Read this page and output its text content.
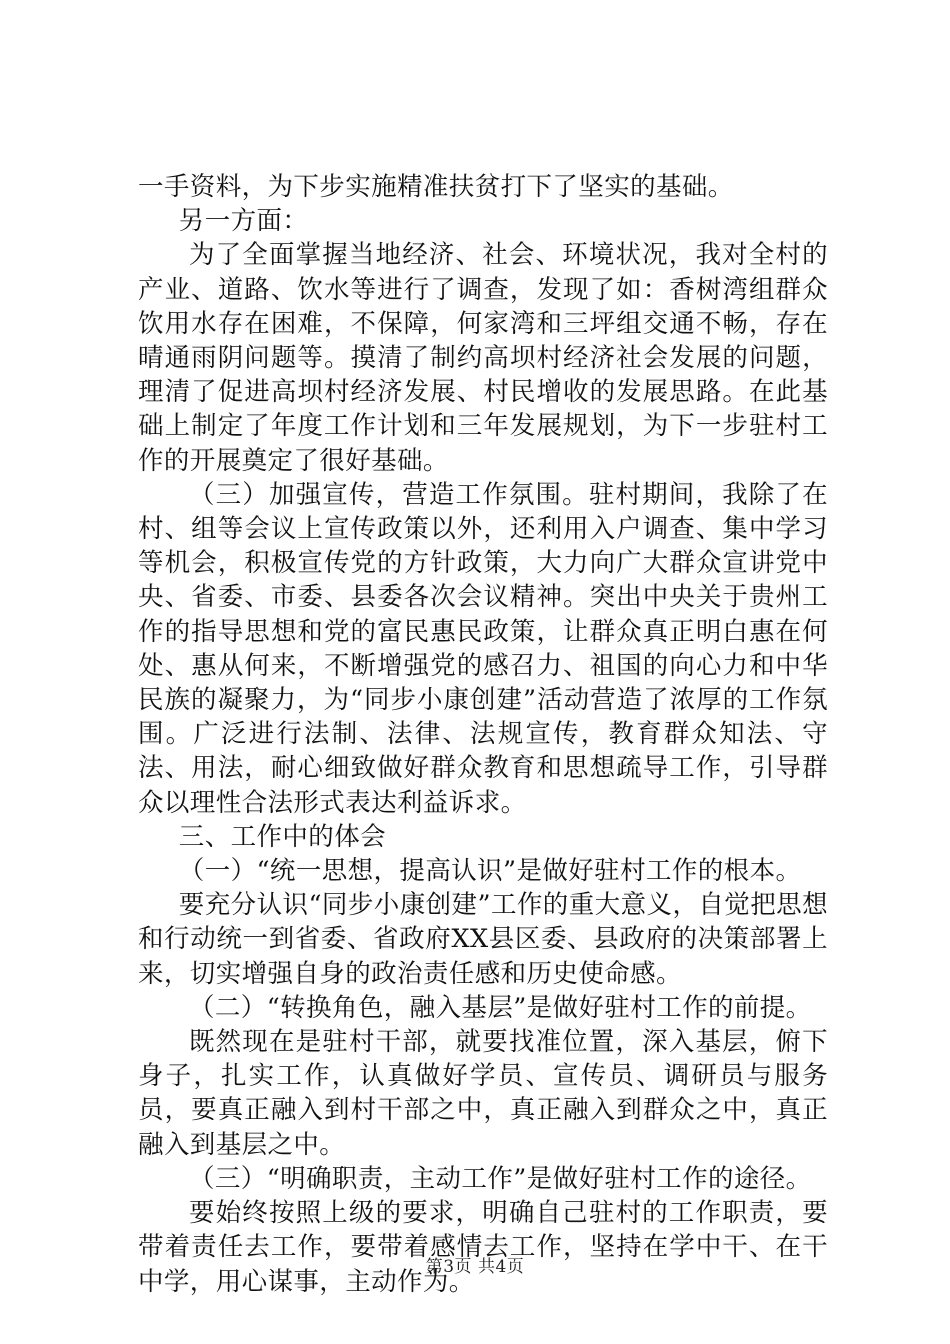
一手资料，为下步实施精准扶贫打下了坚实的基础。

另一方面：

为了全面掌握当地经济、社会、环境状况，我对全村的产业、道路、饮水等进行了调查，发现了如：香树湾组群众饮用水存在困难，不保障，何家湾和三坪组交通不畅，存在晴通雨阴问题等。摸清了制约高坝村经济社会发展的问题，理清了促进高坝村经济发展、村民增收的发展思路。在此基础上制定了年度工作计划和三年发展规划，为下一步驻村工作的开展奠定了很好基础。

（三）加强宣传，营造工作氛围。驻村期间，我除了在村、组等会议上宣传政策以外，还利用入户调查、集中学习等机会，积极宣传党的方针政策，大力向广大群众宣讲党中央、省委、市委、县委各次会议精神。突出中央关于贵州工作的指导思想和党的富民惠民政策，让群众真正明白惠在何处、惠从何来，不断增强党的感召力、祖国的向心力和中华民族的凝聚力，为“同步小康创建”活动营造了浓厚的工作氛围。广泛进行法制、法律、法规宣传，教育群众知法、守法、用法，耐心细致做好群众教育和思想疏导工作，引导群众以理性合法形式表达利益诉求。

三、工作中的体会

（一）“统一思想，提高认识”是做好驻村工作的根本。

要充分认识“同步小康创建”工作的重大意义，自觉把思想和行动统一到省委、省政府XX县区委、县政府的决策部署上来，切实增强自身的政治责任感和历史使命感。

（二）“转换角色，融入基层”是做好驻村工作的前提。

既然现在是驻村干部，就要找准位置，深入基层，俯下身子，扎实工作，认真做好学员、宣传员、调研员与服务员，要真正融入到村干部之中，真正融入到群众之中，真正融入到基层之中。

（三）“明确职责，主动工作”是做好驻村工作的途径。

要始终按照上级的要求，明确自己驻村的工作职责，要带着责任去工作，要带着感情去工作，坚持在学中干、在干中学，用心谋事，主动作为。

第3页 共4页
